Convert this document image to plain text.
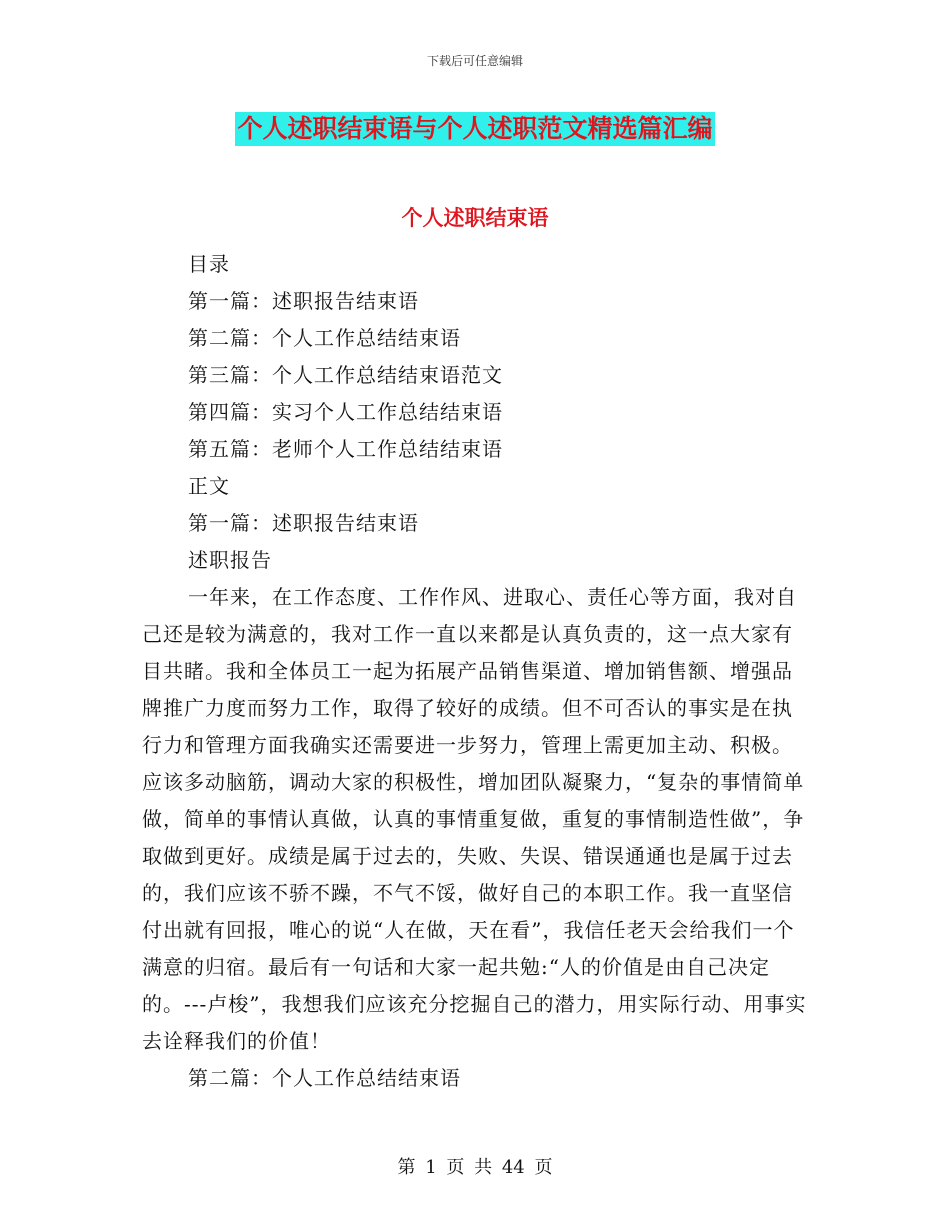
下载后可任意编辑
个人述职结束语与个人述职范文精选篇汇编
个人述职结束语

目录

第一篇：述职报告结束语

第二篇：个人工作总结结束语

第三篇：个人工作总结结束语范文

第四篇：实习个人工作总结结束语

第五篇：老师个人工作总结结束语

正文

第一篇：述职报告结束语

述职报告

一年来，在工作态度、工作作风、进取心、责任心等方面，我对自己还是较为满意的，我对工作一直以来都是认真负责的，这一点大家有目共睹。我和全体员工一起为拓展产品销售渠道、增加销售额、增强品牌推广力度而努力工作，取得了较好的成绩。但不可否认的事实是在执行力和管理方面我确实还需要进一步努力，管理上需更加主动、积极。应该多动脑筋，调动大家的积极性，增加团队凝聚力，“复杂的事情简单做，简单的事情认真做，认真的事情重复做，重复的事情制造性做”，争取做到更好。成绩是属于过去的，失败、失误、错误通通也是属于过去的，我们应该不骄不躁，不气不馁，做好自己的本职工作。我一直坚信付出就有回报，唯心的说“人在做，天在看”，我信任老天会给我们一个满意的归宿。最后有一句话和大家一起共勉:“人的价值是由自己决定的。---卢梭”，我想我们应该充分挖掘自己的潜力，用实际行动、用事实去诠释我们的价值！

第二篇：个人工作总结结束语

第 1 页 共 44 页
